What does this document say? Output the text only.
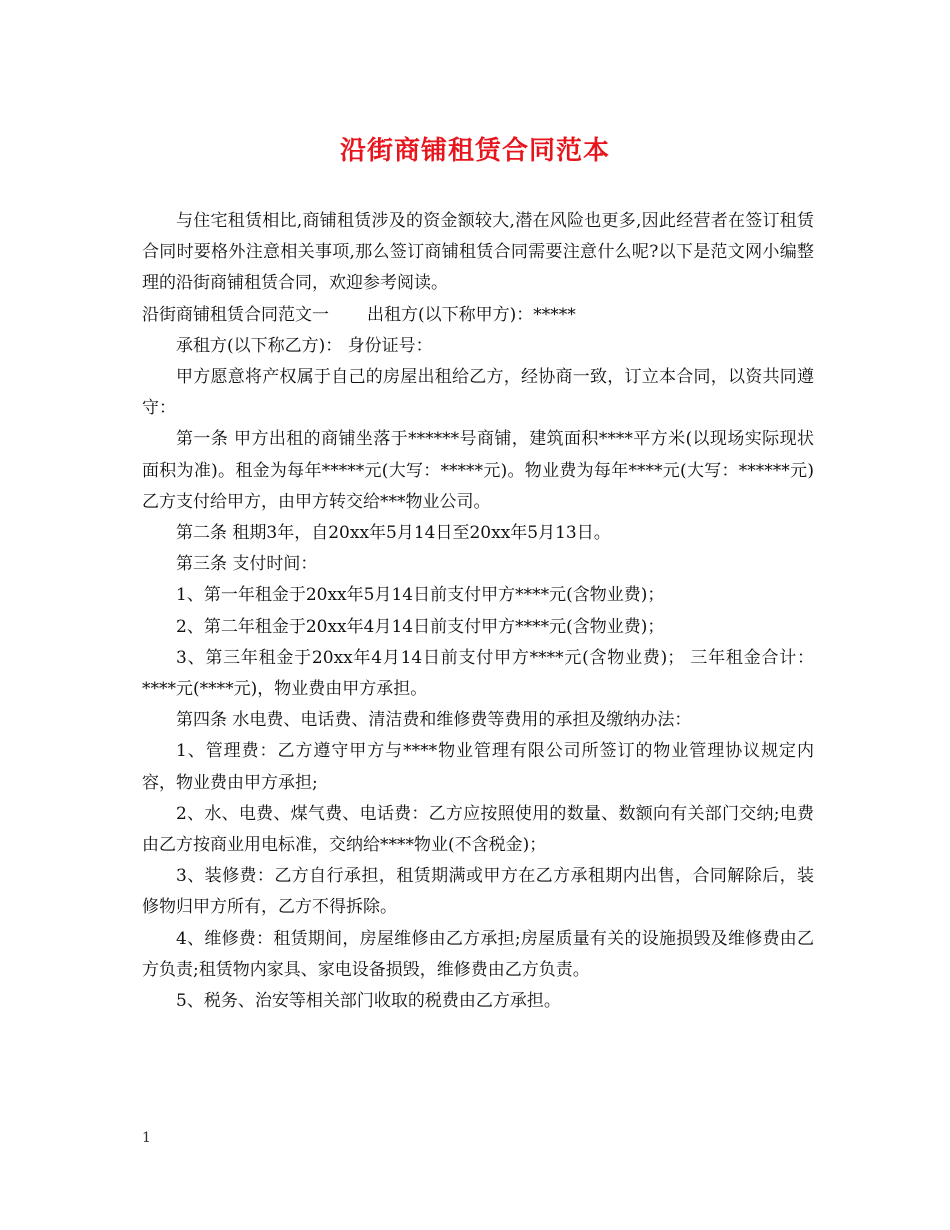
沿街商铺租赁合同范本

与住宅租赁相比,商铺租赁涉及的资金额较大,潜在风险也更多,因此经营者在签订租赁合同时要格外注意相关事项,那么签订商铺租赁合同需要注意什么呢?以下是范文网小编整理的沿街商铺租赁合同，欢迎参考阅读。

沿街商铺租赁合同范文一 出租方(以下称甲方)：*****

承租方(以下称乙方)： 身份证号：

甲方愿意将产权属于自己的房屋出租给乙方，经协商一致，订立本合同，以资共同遵守：

第一条 甲方出租的商铺坐落于******号商铺，建筑面积****平方米(以现场实际现状面积为准)。租金为每年*****元(大写：*****元)。物业费为每年****元(大写：******元)乙方支付给甲方，由甲方转交给***物业公司。

第二条 租期3年，自20xx年5月14日至20xx年5月13日。

第三条 支付时间：

1、第一年租金于20xx年5月14日前支付甲方****元(含物业费)；

2、第二年租金于20xx年4月14日前支付甲方****元(含物业费)；

3、第三年租金于20xx年4月14日前支付甲方****元(含物业费)； 三年租金合计：****元(****元)，物业费由甲方承担。

第四条 水电费、电话费、清洁费和维修费等费用的承担及缴纳办法：

1、管理费：乙方遵守甲方与****物业管理有限公司所签订的物业管理协议规定内容，物业费由甲方承担;

2、水、电费、煤气费、电话费：乙方应按照使用的数量、数额向有关部门交纳;电费由乙方按商业用电标准，交纳给****物业(不含税金)；

3、装修费：乙方自行承担，租赁期满或甲方在乙方承租期内出售，合同解除后，装修物归甲方所有，乙方不得拆除。

4、维修费：租赁期间，房屋维修由乙方承担;房屋质量有关的设施损毁及维修费由乙方负责;租赁物内家具、家电设备损毁，维修费由乙方负责。

5、税务、治安等相关部门收取的税费由乙方承担。

1
